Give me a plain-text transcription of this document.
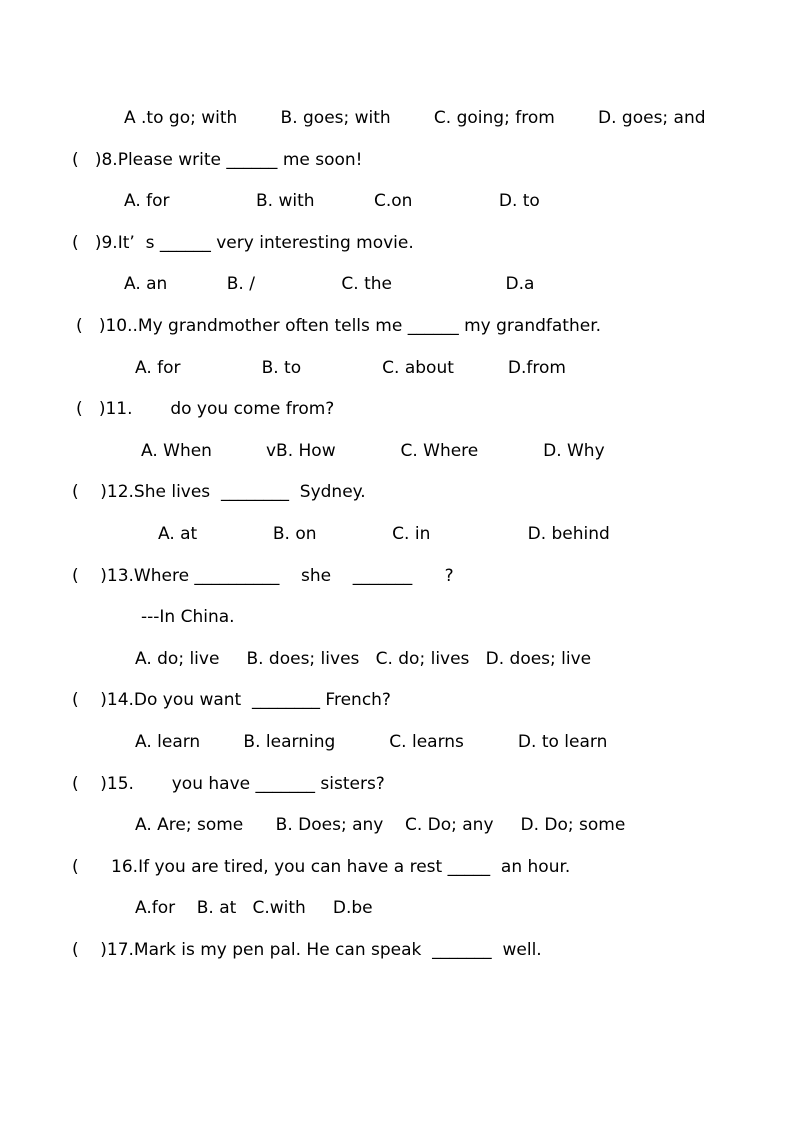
A .to go; with        B. goes; with        C. going; from        D. goes; and
(   )8.Please write ______ me soon!
A. for                B. with           C.on                D. to
(   )9.It’  s ______ very interesting movie.
A. an           B. /                C. the                     D.a
(   )10..My grandmother often tells me ______ my grandfather.
A. for               B. to               C. about          D.from
(   )11.       do you come from?
A. When          vB. How            C. Where            D. Why
(    )12.She lives  ________  Sydney.
A. at              B. on              C. in                  D. behind
(    )13.Where __________    she    _______      ?
---In China.
A. do; live     B. does; lives   C. do; lives   D. does; live
(    )14.Do you want  ________ French?
A. learn        B. learning          C. learns          D. to learn
(    )15.       you have _______ sisters?
A. Are; some      B. Does; any    C. Do; any     D. Do; some
(      16.If you are tired, you can have a rest _____  an hour.
A.for    B. at   C.with     D.be
(    )17.Mark is my pen pal. He can speak  _______  well.
